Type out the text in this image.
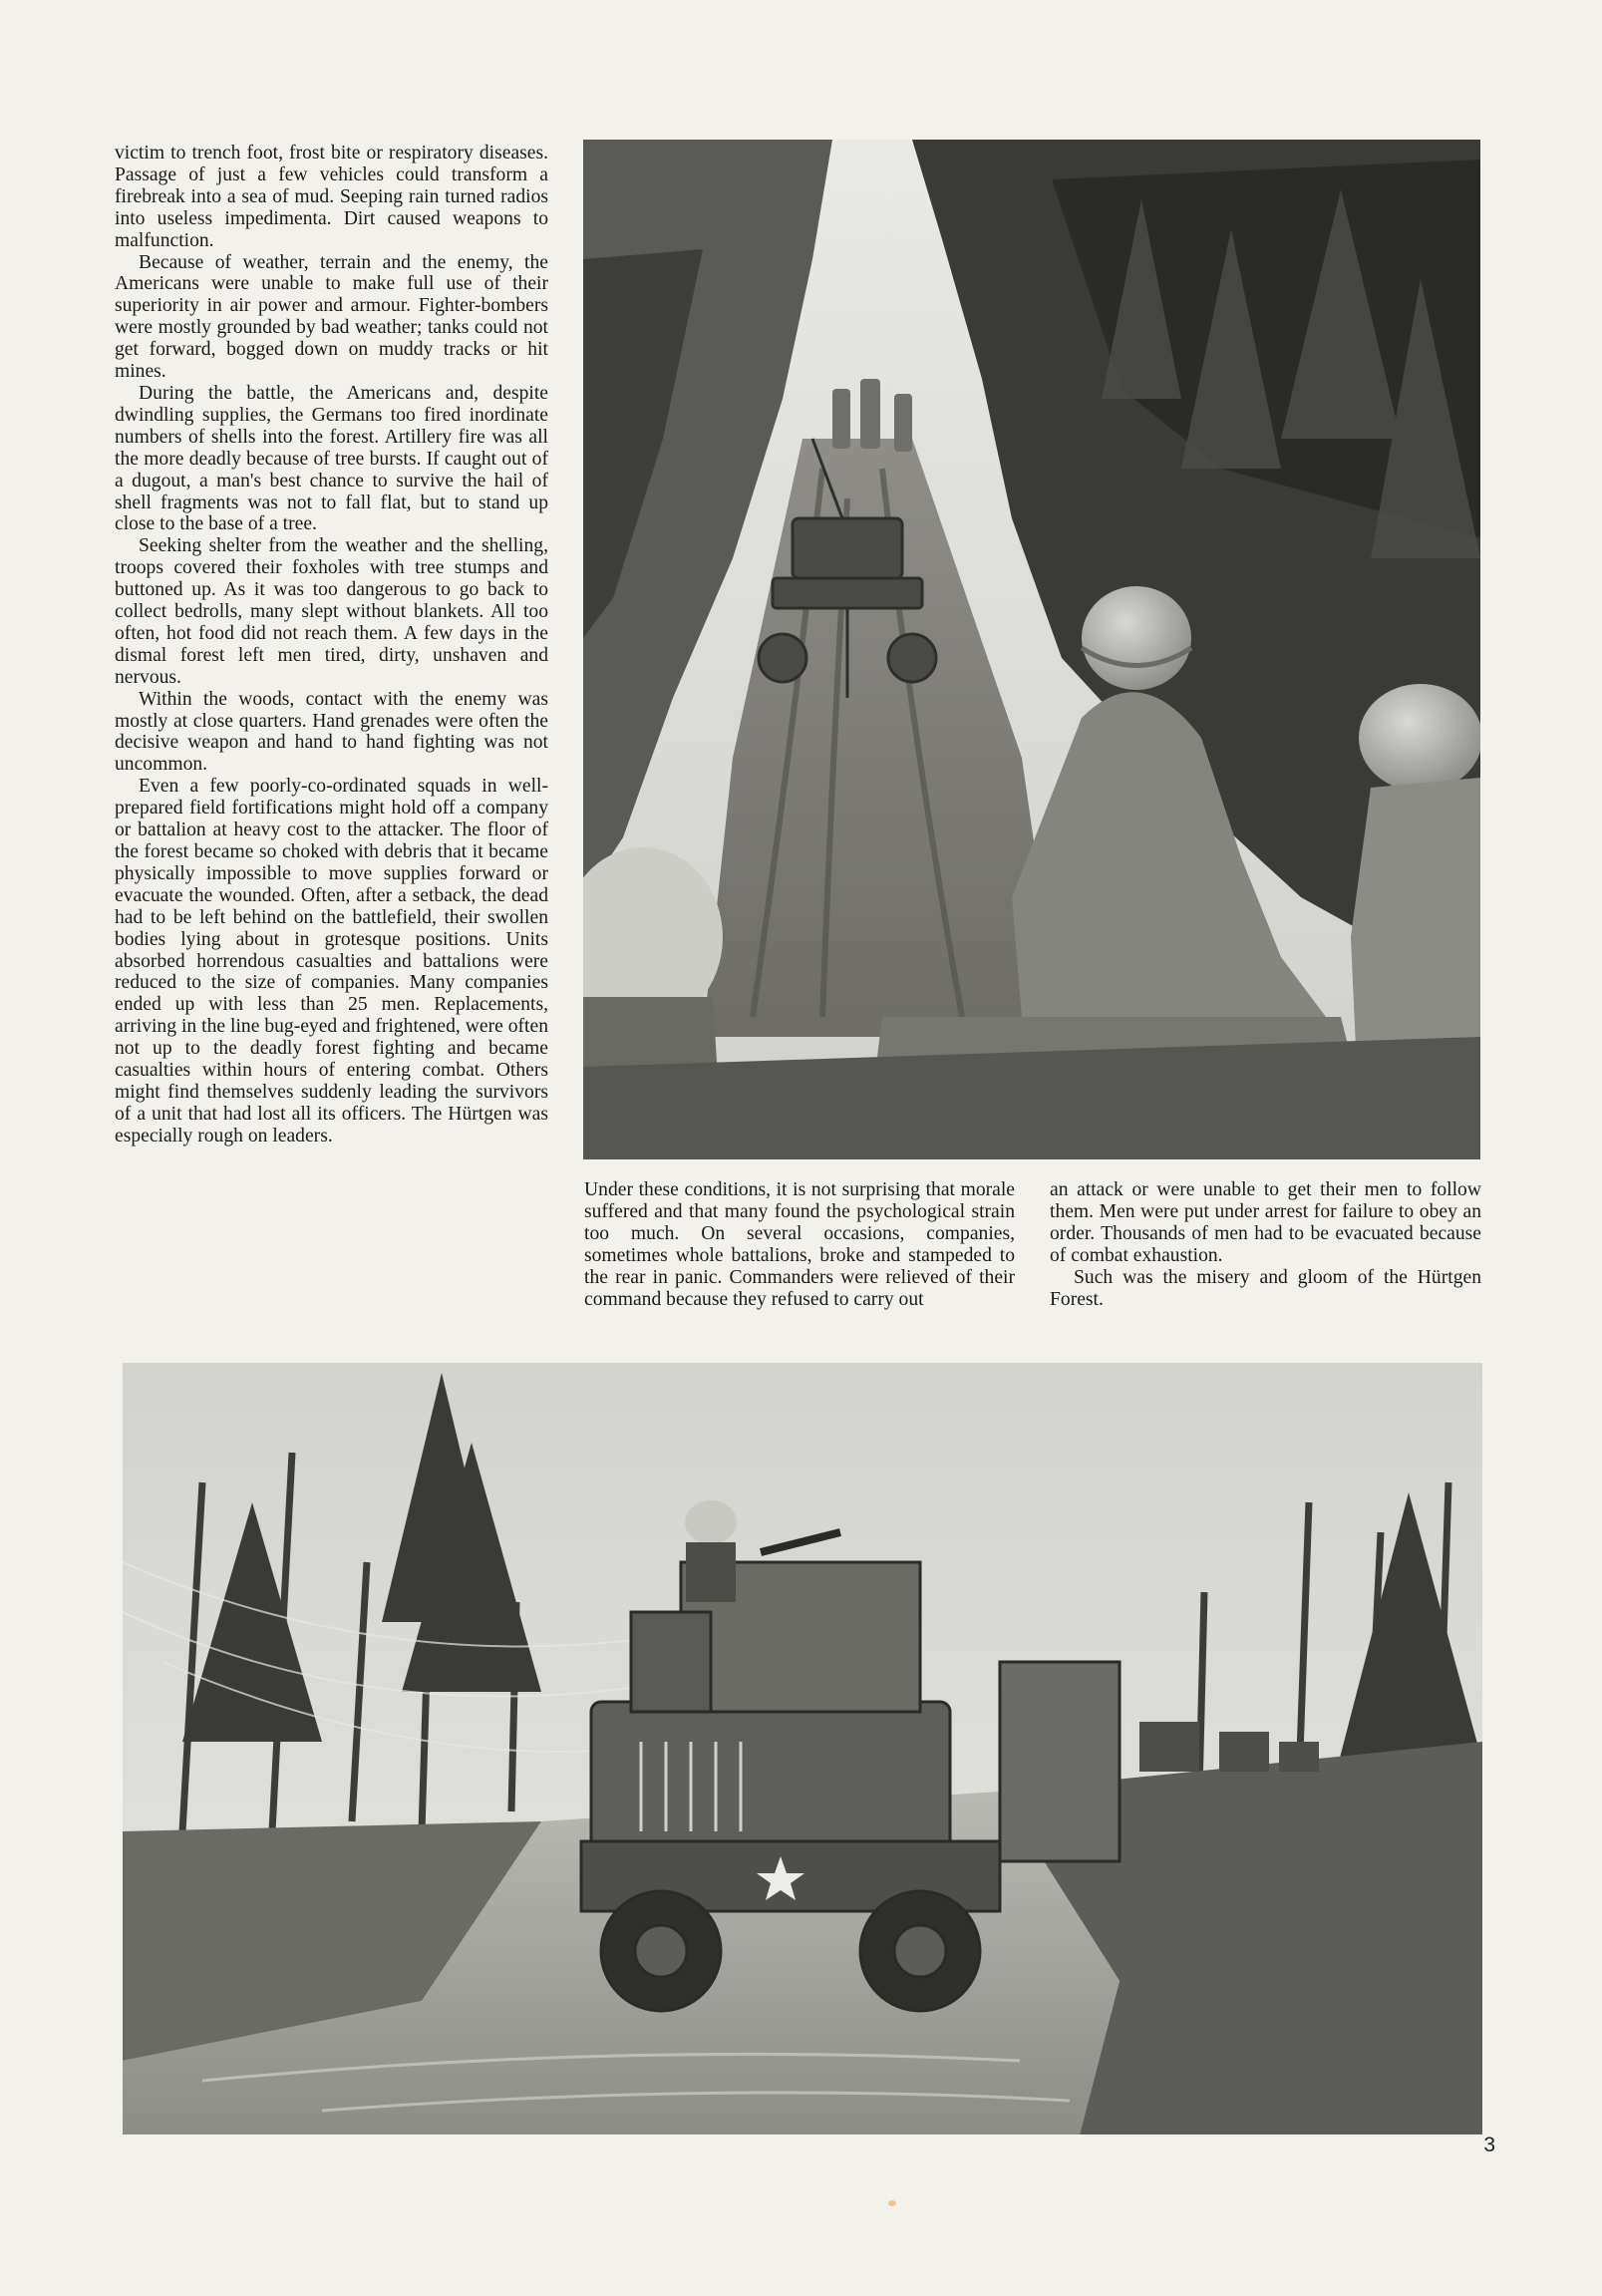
victim to trench foot, frost bite or respiratory diseases. Passage of just a few vehicles could transform a firebreak into a sea of mud. Seeping rain turned radios into useless impedimenta. Dirt caused weapons to malfunction.

Because of weather, terrain and the enemy, the Americans were unable to make full use of their superiority in air power and armour. Fighter-bombers were mostly grounded by bad weather; tanks could not get forward, bogged down on muddy tracks or hit mines.

During the battle, the Americans and, despite dwindling supplies, the Germans too fired inordinate numbers of shells into the forest. Artillery fire was all the more deadly because of tree bursts. If caught out of a dugout, a man's best chance to survive the hail of shell fragments was not to fall flat, but to stand up close to the base of a tree.

Seeking shelter from the weather and the shelling, troops covered their foxholes with tree stumps and buttoned up. As it was too dangerous to go back to collect bedrolls, many slept without blankets. All too often, hot food did not reach them. A few days in the dismal forest left men tired, dirty, unshaven and nervous.

Within the woods, contact with the enemy was mostly at close quarters. Hand grenades were often the decisive weapon and hand to hand fighting was not uncommon.

Even a few poorly-co-ordinated squads in well-prepared field fortifications might hold off a company or battalion at heavy cost to the attacker. The floor of the forest became so choked with debris that it became physically impossible to move supplies forward or evacuate the wounded. Often, after a setback, the dead had to be left behind on the battlefield, their swollen bodies lying about in grotesque positions. Units absorbed horrendous casualties and battalions were reduced to the size of companies. Many companies ended up with less than 25 men. Replacements, arriving in the line bug-eyed and frightened, were often not up to the deadly forest fighting and became casualties within hours of entering combat. Others might find themselves suddenly leading the survivors of a unit that had lost all its officers. The Hürtgen was especially rough on leaders.

Under these conditions, it is not surprising that morale suffered and that many found the psychological strain too much. On several occasions, companies, sometimes whole battalions, broke and stampeded to the rear in panic. Commanders were relieved of their command because they refused to carry out

an attack or were unable to get their men to follow them. Men were put under arrest for failure to obey an order. Thousands of men had to be evacuated because of combat exhaustion.

Such was the misery and gloom of the Hürtgen Forest.

3
